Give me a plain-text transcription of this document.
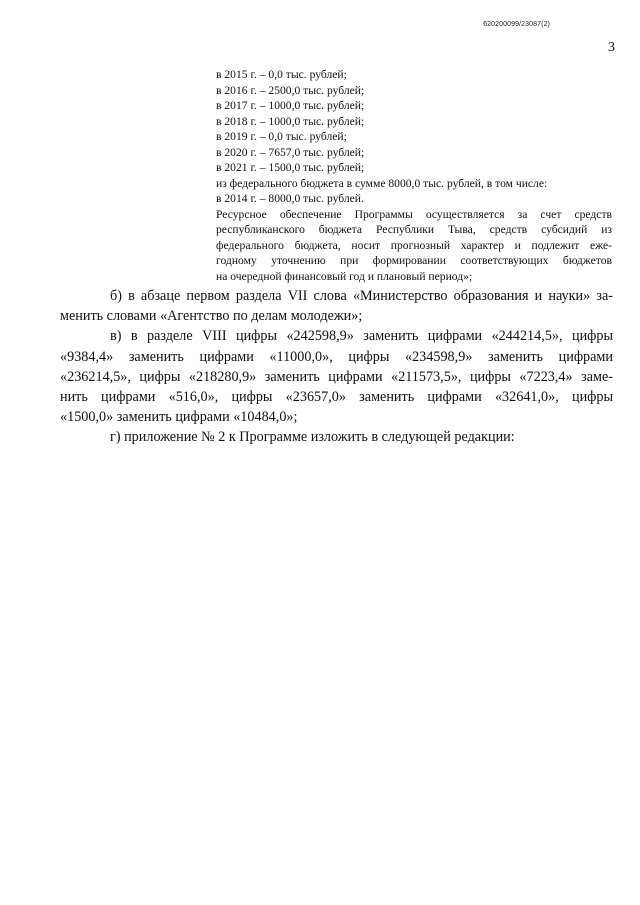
620200099/23087(2)
3
в 2015 г. – 0,0 тыс. рублей;
в 2016 г. – 2500,0 тыс. рублей;
в 2017 г. – 1000,0 тыс. рублей;
в 2018 г. – 1000,0 тыс. рублей;
в 2019 г. – 0,0 тыс. рублей;
в 2020 г. – 7657,0 тыс. рублей;
в 2021 г. – 1500,0 тыс. рублей;
из федерального бюджета в сумме 8000,0 тыс. рублей, в том числе:
в 2014 г. – 8000,0 тыс. рублей.
Ресурсное обеспечение Программы осуществляется за счет средств
республиканского бюджета Республики Тыва, средств субсидий из
федерального бюджета, носит прогнозный характер и подлежит еже-
годному уточнению при формировании соответствующих бюджетов
на очередной финансовый год и плановый период»;
б) в абзаце первом раздела VII слова «Министерство образования и науки» за-
менить словами «Агентство по делам молодежи»;
в) в разделе VIII цифры «242598,9» заменить цифрами «244214,5», цифры
«9384,4» заменить цифрами «11000,0», цифры «234598,9» заменить цифрами
«236214,5», цифры «218280,9» заменить цифрами «211573,5», цифры «7223,4» заме-
нить цифрами «516,0», цифры «23657,0» заменить цифрами «32641,0», цифры
«1500,0» заменить цифрами «10484,0»;
г) приложение № 2 к Программе изложить в следующей редакции:
